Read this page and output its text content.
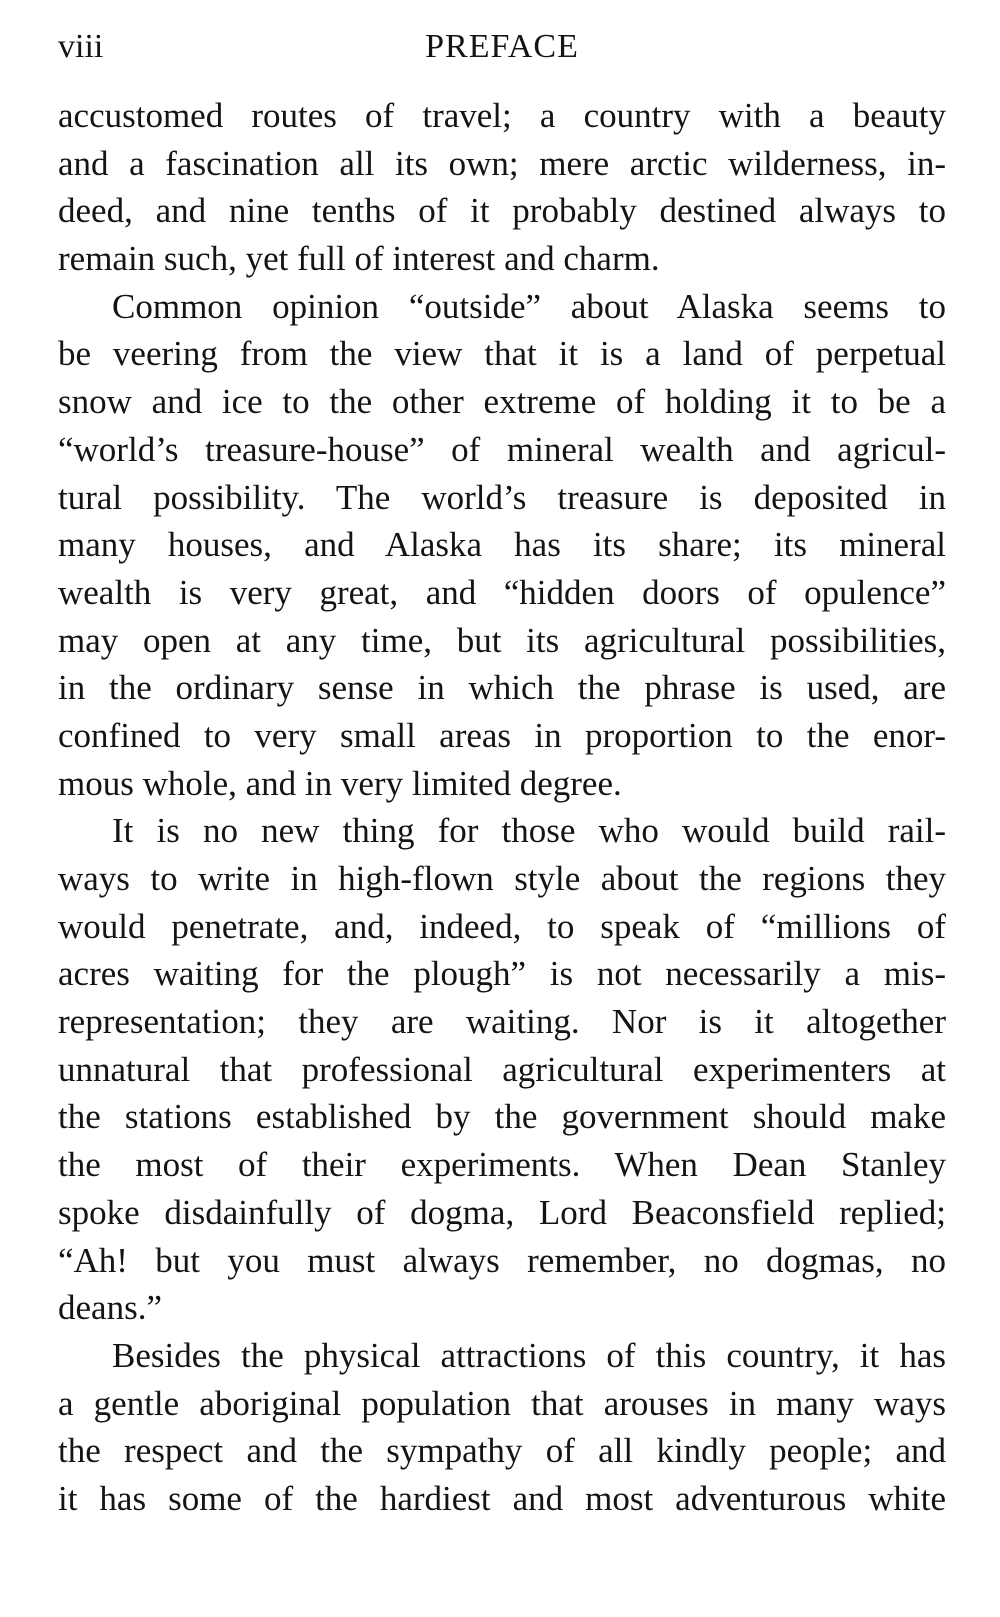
viii	PREFACE
accustomed routes of travel; a country with a beauty
and a fascination all its own; mere arctic wilderness, in-
deed, and nine tenths of it probably destined always to
remain such, yet full of interest and charm.
Common opinion “outside” about Alaska seems to
be veering from the view that it is a land of perpetual
snow and ice to the other extreme of holding it to be a
“world’s treasure-house” of mineral wealth and agricul-
tural possibility. The world’s treasure is deposited in
many houses, and Alaska has its share; its mineral
wealth is very great, and “hidden doors of opulence”
may open at any time, but its agricultural possibilities,
in the ordinary sense in which the phrase is used, are
confined to very small areas in proportion to the enor-
mous whole, and in very limited degree.
It is no new thing for those who would build rail-
ways to write in high-flown style about the regions they
would penetrate, and, indeed, to speak of “millions of
acres waiting for the plough” is not necessarily a mis-
representation; they are waiting. Nor is it altogether
unnatural that professional agricultural experimenters at
the stations established by the government should make
the most of their experiments. When Dean Stanley
spoke disdainfully of dogma, Lord Beaconsfield replied;
“Ah! but you must always remember, no dogmas, no
deans.”
Besides the physical attractions of this country, it has
a gentle aboriginal population that arouses in many ways
the respect and the sympathy of all kindly people; and
it has some of the hardiest and most adventurous white
